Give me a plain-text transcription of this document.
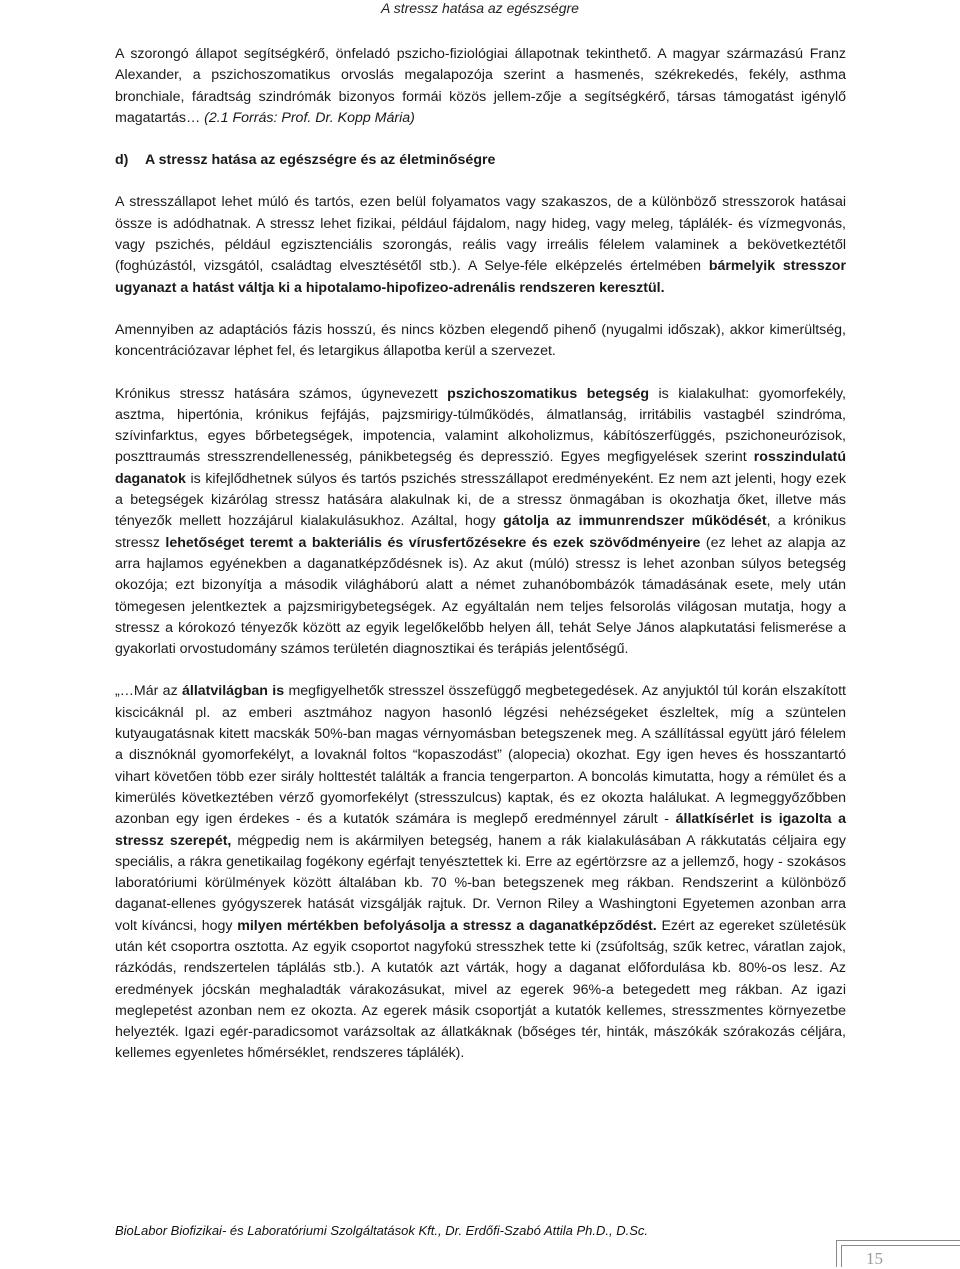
A stressz hatása az egészségre

A szorongó állapot segítségkérő, önfeladó pszicho-fiziológiai állapotnak tekinthető. A magyar származású Franz Alexander, a pszichoszomatikus orvoslás megalapozója szerint a hasmenés, székrekedés, fekély, asthma bronchiale, fáradtság szindrómák bizonyos formái közös jellem-zője a segítségkérő, társas támogatást igénylő magatartás… (2.1 Forrás: Prof. Dr. Kopp Mária)

d) A stressz hatása az egészségre és az életminőségre

A stresszállapot lehet múló és tartós, ezen belül folyamatos vagy szakaszos, de a különböző stresszorok hatásai össze is adódhatnak. A stressz lehet fizikai, például fájdalom, nagy hideg, vagy meleg, táplálék- és vízmegvonás, vagy pszichés, például egzisztenciális szorongás, reális vagy irreális félelem valaminek a bekövetkeztétől (foghúzástól, vizsgától, családtag elvesztésétől stb.). A Selye-féle elképzelés értelmében bármelyik stresszor ugyanazt a hatást váltja ki a hipotalamo-hipofizeo-adrenális rendszeren keresztül.

Amennyiben az adaptációs fázis hosszú, és nincs közben elegendő pihenő (nyugalmi időszak), akkor kimerültség, koncentrációzavar léphet fel, és letargikus állapotba kerül a szervezet.

Krónikus stressz hatására számos, úgynevezett pszichoszomatikus betegség is kialakulhat: gyomorfekély, asztma, hipertónia, krónikus fejfájás, pajzsmirigy-túlműködés, álmatlanság, irritábilis vastagbél szindróma, szívinfarktus, egyes bőrbetegségek, impotencia, valamint alkoholizmus, kábítószerfüggés, pszichoneurózisok, poszttraumás stresszrendellenesség, pánikbetegség és depresszió. Egyes megfigyelések szerint rosszindulatú daganatok is kifejlődhetnek súlyos és tartós pszichés stresszállapot eredményeként. Ez nem azt jelenti, hogy ezek a betegségek kizárólag stressz hatására alakulnak ki, de a stressz önmagában is okozhatja őket, illetve más tényezők mellett hozzájárul kialakulásukhoz. Azáltal, hogy gátolja az immunrendszer működését, a krónikus stressz lehetőséget teremt a bakteriális és vírusfertőzésekre és ezek szövődményeire (ez lehet az alapja az arra hajlamos egyénekben a daganatképződésnek is). Az akut (múló) stressz is lehet azonban súlyos betegség okozója; ezt bizonyítja a második világháború alatt a német zuhanóbombázók támadásának esete, mely után tömegesen jelentkeztek a pajzsmirigybetegségek. Az egyáltalán nem teljes felsorolás világosan mutatja, hogy a stressz a kórokozó tényezők között az egyik legelőkelőbb helyen áll, tehát Selye János alapkutatási felismerése a gyakorlati orvostudomány számos területén diagnosztikai és terápiás jelentőségű.

„…Már az állatvilágban is megfigyelhetők stresszel összefüggő megbetegedések. Az anyjuktól túl korán elszakított kiscicáknál pl. az emberi asztmához nagyon hasonló légzési nehézségeket észleltek, míg a szüntelen kutyaugatásnak kitett macskák 50%-ban magas vérnyomásban betegszenek meg. A szállítással együtt járó félelem a disznóknál gyomorfekélyt, a lovaknál foltos “kopaszodást” (alopecia) okozhat. Egy igen heves és hosszantartó vihart követően több ezer sirály holttestét találták a francia tengerparton. A boncolás kimutatta, hogy a rémület és a kimerülés következtében vérző gyomorfekélyt (stresszulcus) kaptak, és ez okozta halálukat. A legmeggyőzőbben azonban egy igen érdekes - és a kutatók számára is meglepő eredménnyel zárult - állatkísérlet is igazolta a stressz szerepét, mégpedig nem is akármilyen betegség, hanem a rák kialakulásában A rákkutatás céljaira egy speciális, a rákra genetikailag fogékony egérfajt tenyésztettek ki. Erre az egértörzsre az a jellemző, hogy - szokásos laboratóriumi körülmények között általában kb. 70 %-ban betegszenek meg rákban. Rendszerint a különböző daganat-ellenes gyógyszerek hatását vizsgálják rajtuk. Dr. Vernon Riley a Washingtoni Egyetemen azonban arra volt kíváncsi, hogy milyen mértékben befolyásolja a stressz a daganatképződést. Ezért az egereket születésük után két csoportra osztotta. Az egyik csoportot nagyfokú stresszhek tette ki (zsúfoltság, szűk ketrec, váratlan zajok, rázkódás, rendszertelen táplálás stb.). A kutatók azt várták, hogy a daganat előfordulása kb. 80%-os lesz. Az eredmények jócskán meghaladták várakozásukat, mivel az egerek 96%-a betegedett meg rákban. Az igazi meglepetést azonban nem ez okozta. Az egerek másik csoportját a kutatók kellemes, stresszmentes környezetbe helyezték. Igazi egér-paradicsomot varázsoltak az állatkáknak (bőséges tér, hinták, mászókák szórakozás céljára, kellemes egyenletes hőmérséklet, rendszeres táplálék).

BioLabor Biofizikai- és Laboratóriumi Szolgáltatások Kft., Dr. Erdőfi-Szabó Attila Ph.D., D.Sc.
15
